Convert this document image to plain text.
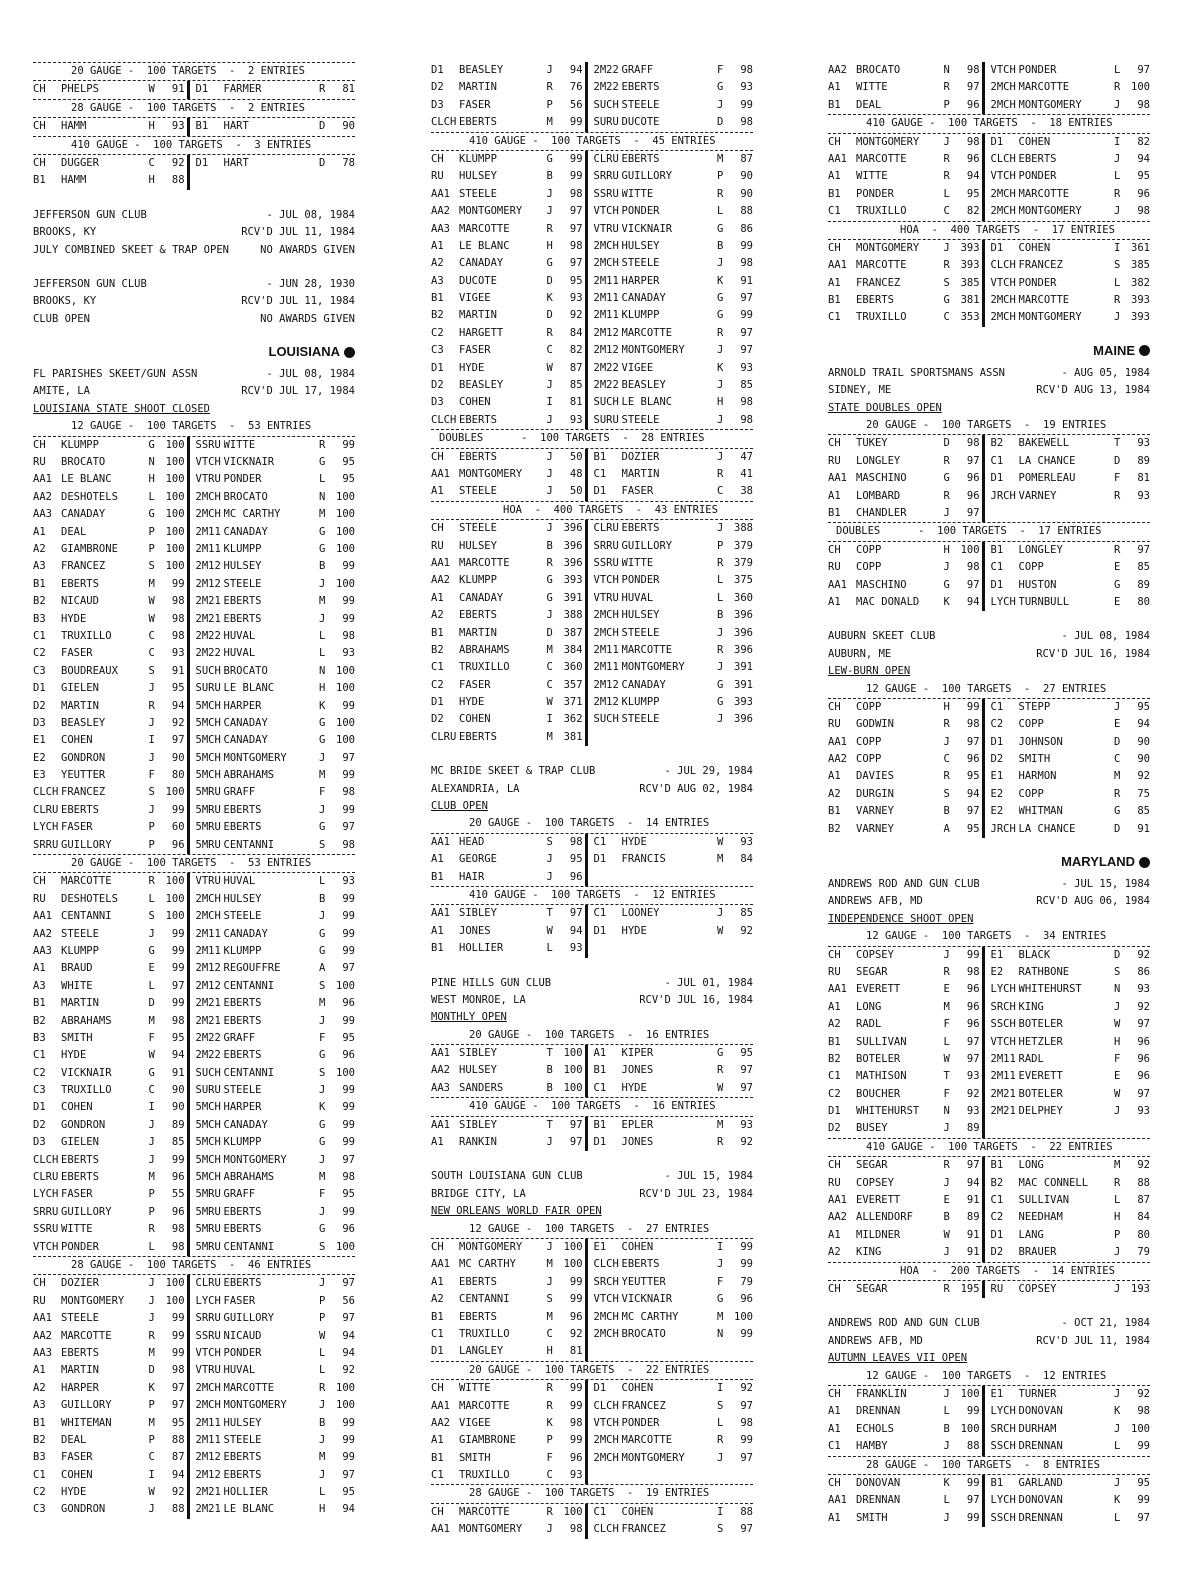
20 GAUGE -  100 TARGETS  -  2 ENTRIES
CH	PHELPS	W	91 D1	FARMER	R	81
28 GAUGE -  100 TARGETS  -  2 ENTRIES
CH	HAMM	H	93 B1	HART	D	90
410 GAUGE -  100 TARGETS  -  3 ENTRIES
CH	DUGGER	C	92 D1	HART	D	78
B1	HAMM	H	88
JEFFERSON GUN CLUB	- JUL 08, 1984
BROOKS, KY	RCV'D JUL 11, 1984
JULY COMBINED SKEET & TRAP OPEN	NO AWARDS GIVEN
JEFFERSON GUN CLUB	- JUN 28, 1930
BROOKS, KY	RCV'D JUL 11, 1984
CLUB OPEN	NO AWARDS GIVEN
LOUISIANA
FL PARISHES SKEET/GUN ASSN	- JUL 08, 1984
AMITE, LA	RCV'D JUL 17, 1984
LOUISIANA STATE SHOOT CLOSED
12 GAUGE -  100 TARGETS  -  53 ENTRIES
CH	KLUMPP	G	100 SSRU WITTE	R	99
RU	BROCATO	N	100 VTCH VICKNAIR	G	95
AA1 LE BLANC	H	100 VTRU PONDER	L	95
AA2 DESHOTELS	L	100 2MCH BROCATO	N	100
AA3 CANADAY	G	100 2MCH MC CARTHY	M	100
A1	DEAL	P	100 2M11 CANADAY	G	100
A2	GIAMBRONE	P	100 2M11 KLUMPP	G	100
A3	FRANCEZ	S	100 2M12 HULSEY	B	99
B1	EBERTS	M	99 2M12 STEELE	J	100
B2	NICAUD	W	98 2M21 EBERTS	M	99
B3	HYDE	W	98 2M21 EBERTS	J	99
C1	TRUXILLO	C	98 2M22 HUVAL	L	98
C2	FASER	C	93 2M22 HUVAL	L	93
C3	BOUDREAUX	S	91 SUCH BROCATO	N	100
D1	GIELEN	J	95 SURU LE BLANC	H	100
D2	MARTIN	R	94 5MCH HARPER	K	99
D3	BEASLEY	J	92 5MCH CANADAY	G	100
E1	COHEN	I	97 5MCH CANADAY	G	100
E2	GONDRON	J	90 5MCH MONTGOMERY	J	97
E3	YEUTTER	F	80 5MCH ABRAHAMS	M	99
CLCH FRANCEZ	S	100 5MRU GRAFF	F	98
CLRU EBERTS	J	99 5MRU EBERTS	J	99
LYCH FASER	P	60 5MRU EBERTS	G	97
SRRU GUILLORY	P	96 5MRU CENTANNI	S	98
20 GAUGE -  100 TARGETS  -  53 ENTRIES
CH	MARCOTTE	R	100 VTRU HUVAL	L	93
RU	DESHOTELS	L	100 2MCH HULSEY	B	99
AA1 CENTANNI	S	100 2MCH STEELE	J	99
AA2 STEELE	J	99 2M11 CANADAY	G	99
AA3 KLUMPP	G	99 2M11 KLUMPP	G	99
A1	BRAUD	E	99 2M12 REGOUFFRE	A	97
A3	WHITE	L	97 2M12 CENTANNI	S	100
B1	MARTIN	D	99 2M21 EBERTS	M	96
B2	ABRAHAMS	M	98 2M21 EBERTS	J	99
B3	SMITH	F	95 2M22 GRAFF	F	95
C1	HYDE	W	94 2M22 EBERTS	G	96
C2	VICKNAIR	G	91 SUCH CENTANNI	S	100
C3	TRUXILLO	C	90 SURU STEELE	J	99
D1	COHEN	I	90 5MCH HARPER	K	99
D2	GONDRON	J	89 5MCH CANADAY	G	99
D3	GIELEN	J	85 5MCH KLUMPP	G	99
CLCH EBERTS	J	99 5MCH MONTGOMERY	J	97
CLRU EBERTS	M	96 5MCH ABRAHAMS	M	98
LYCH FASER	P	55 5MRU GRAFF	F	95
SRRU GUILLORY	P	96 5MRU EBERTS	J	99
SSRU WITTE	R	98 5MRU EBERTS	G	96
VTCH PONDER	L	98 5MRU CENTANNI	S	100
28 GAUGE -  100 TARGETS  -  46 ENTRIES
CH	DOZIER	J	100 CLRU EBERTS	J	97
RU	MONTGOMERY	J	100 LYCH FASER	P	56
AA1 STEELE	J	99 SRRU GUILLORY	P	97
AA2 MARCOTTE	R	99 SSRU NICAUD	W	94
AA3 EBERTS	M	99 VTCH PONDER	L	94
A1	MARTIN	D	98 VTRU HUVAL	L	92
A2	HARPER	K	97 2MCH MARCOTTE	R	100
A3	GUILLORY	P	97 2MCH MONTGOMERY	J	100
B1	WHITEMAN	M	95 2M11 HULSEY	B	99
B2	DEAL	P	88 2M11 STEELE	J	99
B3	FASER	C	87 2M12 EBERTS	M	99
C1	COHEN	I	94 2M12 EBERTS	J	97
C2	HYDE	W	92 2M21 HOLLIER	L	95
C3	GONDRON	J	88 2M21 LE BLANC	H	94
D1	BEASLEY	J	94 2M22 GRAFF	F	98
D2	MARTIN	R	76 2M22 EBERTS	G	93
D3	FASER	P	56 SUCH STEELE	J	99
CLCH EBERTS	M	99 SURU DUCOTE	D	98
410 GAUGE -  100 TARGETS  -  45 ENTRIES
CH	KLUMPP	G	99 CLRU EBERTS	M	87
RU	HULSEY	B	99 SRRU GUILLORY	P	90
AA1 STEELE	J	98 SSRU WITTE	R	90
AA2 MONTGOMERY	J	97 VTCH PONDER	L	88
AA3 MARCOTTE	R	97 VTRU VICKNAIR	G	86
A1	LE BLANC	H	98 2MCH HULSEY	B	99
A2	CANADAY	G	97 2MCH STEELE	J	98
A3	DUCOTE	D	95 2M11 HARPER	K	91
B1	VIGEE	K	93 2M11 CANADAY	G	97
B2	MARTIN	D	92 2M11 KLUMPP	G	99
C2	HARGETT	R	84 2M12 MARCOTTE	R	97
C3	FASER	C	82 2M12 MONTGOMERY	J	97
D1	HYDE	W	87 2M22 VIGEE	K	93
D2	BEASLEY	J	85 2M22 BEASLEY	J	85
D3	COHEN	I	81 SUCH LE BLANC	H	98
CLCH EBERTS	J	93 SURU STEELE	J	98
DOUBLES      -  100 TARGETS  -  28 ENTRIES
CH	EBERTS	J	50 B1	DOZIER	J	47
AA1 MONTGOMERY	J	48 C1	MARTIN	R	41
A1	STEELE	J	50 D1	FASER	C	38
HOA  -  400 TARGETS  -  43 ENTRIES
CH	STEELE	J	396 CLRU EBERTS	J	388
RU	HULSEY	B	396 SRRU GUILLORY	P	379
AA1 MARCOTTE	R	396 SSRU WITTE	R	379
AA2 KLUMPP	G	393 VTCH PONDER	L	375
A1	CANADAY	G	391 VTRU HUVAL	L	360
A2	EBERTS	J	388 2MCH HULSEY	B	396
B1	MARTIN	D	387 2MCH STEELE	J	396
B2	ABRAHAMS	M	384 2M11 MARCOTTE	R	396
C1	TRUXILLO	C	360 2M11 MONTGOMERY	J	391
C2	FASER	C	357 2M12 CANADAY	G	391
D1	HYDE	W	371 2M12 KLUMPP	G	393
D2	COHEN	I	362 SUCH STEELE	J	396
CLRU EBERTS	M	381
MC BRIDE SKEET & TRAP CLUB	- JUL 29, 1984
ALEXANDRIA, LA	RCV'D AUG 02, 1984
CLUB OPEN
20 GAUGE -  100 TARGETS  -  14 ENTRIES
AA1 HEAD	S	98 C1	HYDE	W	93
A1	GEORGE	J	95 D1	FRANCIS	M	84
B1	HAIR	J	96
410 GAUGE -  100 TARGETS  -  12 ENTRIES
AA1 SIBLEY	T	97 C1	LOONEY	J	85
A1	JONES	W	94 D1	HYDE	W	92
B1	HOLLIER	L	93
PINE HILLS GUN CLUB	- JUL 01, 1984
WEST MONROE, LA	RCV'D JUL 16, 1984
MONTHLY OPEN
20 GAUGE -  100 TARGETS  -  16 ENTRIES
AA1 SIBLEY	T	100 A1	KIPER	G	95
AA2 HULSEY	B	100 B1	JONES	R	97
AA3 SANDERS	B	100 C1	HYDE	W	97
410 GAUGE -  100 TARGETS  -  16 ENTRIES
AA1 SIBLEY	T	97 B1	EPLER	M	93
A1	RANKIN	J	97 D1	JONES	R	92
SOUTH LOUISIANA GUN CLUB	- JUL 15, 1984
BRIDGE CITY, LA	RCV'D JUL 23, 1984
NEW ORLEANS WORLD FAIR OPEN
12 GAUGE -  100 TARGETS  -  27 ENTRIES
CH	MONTGOMERY	J	100 E1	COHEN	I	99
AA1 MC CARTHY	M	100 CLCH EBERTS	J	99
A1	EBERTS	J	99 SRCH YEUTTER	F	79
A2	CENTANNI	S	99 VTCH VICKNAIR	G	96
B1	EBERTS	M	96 2MCH MC CARTHY	M	100
C1	TRUXILLO	C	92 2MCH BROCATO	N	99
D1	LANGLEY	H	81
20 GAUGE -  100 TARGETS  -  22 ENTRIES
CH	WITTE	R	99 D1	COHEN	I	92
AA1 MARCOTTE	R	99 CLCH FRANCEZ	S	97
AA2 VIGEE	K	98 VTCH PONDER	L	98
A1	GIAMBRONE	P	99 2MCH MARCOTTE	R	99
B1	SMITH	F	96 2MCH MONTGOMERY	J	97
C1	TRUXILLO	C	93
28 GAUGE -  100 TARGETS  -  19 ENTRIES
CH	MARCOTTE	R	100 C1	COHEN	I	88
AA1 MONTGOMERY	J	98 CLCH FRANCEZ	S	97
AA2 BROCATO	N	98 VTCH PONDER	L	97
A1	WITTE	R	97 2MCH MARCOTTE	R	100
B1	DEAL	P	96 2MCH MONTGOMERY	J	98
410 GAUGE -  100 TARGETS  -  18 ENTRIES
CH	MONTGOMERY	J	98 D1	COHEN	I	82
AA1 MARCOTTE	R	96 CLCH EBERTS	J	94
A1	WITTE	R	94 VTCH PONDER	L	95
B1	PONDER	L	95 2MCH MARCOTTE	R	96
C1	TRUXILLO	C	82 2MCH MONTGOMERY	J	98
HOA  -  400 TARGETS  -  17 ENTRIES
CH	MONTGOMERY	J	393 D1	COHEN	I	361
AA1 MARCOTTE	R	393 CLCH FRANCEZ	S	385
A1	FRANCEZ	S	385 VTCH PONDER	L	382
B1	EBERTS	G	381 2MCH MARCOTTE	R	393
C1	TRUXILLO	C	353 2MCH MONTGOMERY	J	393
MAINE
ARNOLD TRAIL SPORTSMANS ASSN	- AUG 05, 1984
SIDNEY, ME	RCV'D AUG 13, 1984
STATE DOUBLES OPEN
20 GAUGE -  100 TARGETS  -  19 ENTRIES
CH	TUKEY	D	98 B2	BAKEWELL	T	93
RU	LONGLEY	R	97 C1	LA CHANCE	D	89
AA1 MASCHINO	G	96 D1	POMERLEAU	F	81
A1	LOMBARD	R	96 JRCH VARNEY	R	93
B1	CHANDLER	J	97
DOUBLES      -  100 TARGETS  -  17 ENTRIES
CH	COPP	H	100 B1	LONGLEY	R	97
RU	COPP	J	98 C1	COPP	E	85
AA1 MASCHINO	G	97 D1	HUSTON	G	89
A1	MAC DONALD	K	94 LYCH TURNBULL	E	80
AUBURN SKEET CLUB	- JUL 08, 1984
AUBURN, ME	RCV'D JUL 16, 1984
LEW-BURN OPEN
12 GAUGE -  100 TARGETS  -  27 ENTRIES
CH	COPP	H	99 C1	STEPP	J	95
RU	GODWIN	R	98 C2	COPP	E	94
AA1 COPP	J	97 D1	JOHNSON	D	90
AA2 COPP	C	96 D2	SMITH	C	90
A1	DAVIES	R	95 E1	HARMON	M	92
A2	DURGIN	S	94 E2	COPP	R	75
B1	VARNEY	B	97 E2	WHITMAN	G	85
B2	VARNEY	A	95 JRCH LA CHANCE	D	91
MARYLAND
ANDREWS ROD AND GUN CLUB	- JUL 15, 1984
ANDREWS AFB, MD	RCV'D AUG 06, 1984
INDEPENDENCE SHOOT OPEN
12 GAUGE -  100 TARGETS  -  34 ENTRIES
CH	COPSEY	J	99 E1	BLACK	D	92
RU	SEGAR	R	98 E2	RATHBONE	S	86
AA1 EVERETT	E	96 LYCH WHITEHURST	N	93
A1	LONG	M	96 SRCH KING	J	92
A2	RADL	F	96 SSCH BOTELER	W	97
B1	SULLIVAN	L	97 VTCH HETZLER	H	96
B2	BOTELER	W	97 2M11 RADL	F	96
C1	MATHISON	T	93 2M11 EVERETT	E	96
C2	BOUCHER	F	92 2M21 BOTELER	W	97
D1	WHITEHURST	N	93 2M21 DELPHEY	J	93
D2	BUSEY	J	89
410 GAUGE -  100 TARGETS  -  22 ENTRIES
CH	SEGAR	R	97 B1	LONG	M	92
RU	COPSEY	J	94 B2	MAC CONNELL	R	88
AA1 EVERETT	E	91 C1	SULLIVAN	L	87
AA2 ALLENDORF	B	89 C2	NEEDHAM	H	84
A1	MILDNER	W	91 D1	LANG	P	80
A2	KING	J	91 D2	BRAUER	J	79
HOA  -  200 TARGETS  -  14 ENTRIES
CH	SEGAR	R	195 RU	COPSEY	J	193
ANDREWS ROD AND GUN CLUB	- OCT 21, 1984
ANDREWS AFB, MD	RCV'D JUL 11, 1984
AUTUMN LEAVES VII OPEN
12 GAUGE -  100 TARGETS  -  12 ENTRIES
CH	FRANKLIN	J	100 E1	TURNER	J	92
A1	DRENNAN	L	99 LYCH DONOVAN	K	98
A1	ECHOLS	B	100 SRCH DURHAM	J	100
C1	HAMBY	J	88 SSCH DRENNAN	L	99
28 GAUGE -  100 TARGETS  -  8 ENTRIES
CH	DONOVAN	K	99 B1	GARLAND	J	95
AA1 DRENNAN	L	97 LYCH DONOVAN	K	99
A1	SMITH	J	99 SSCH DRENNAN	L	97
